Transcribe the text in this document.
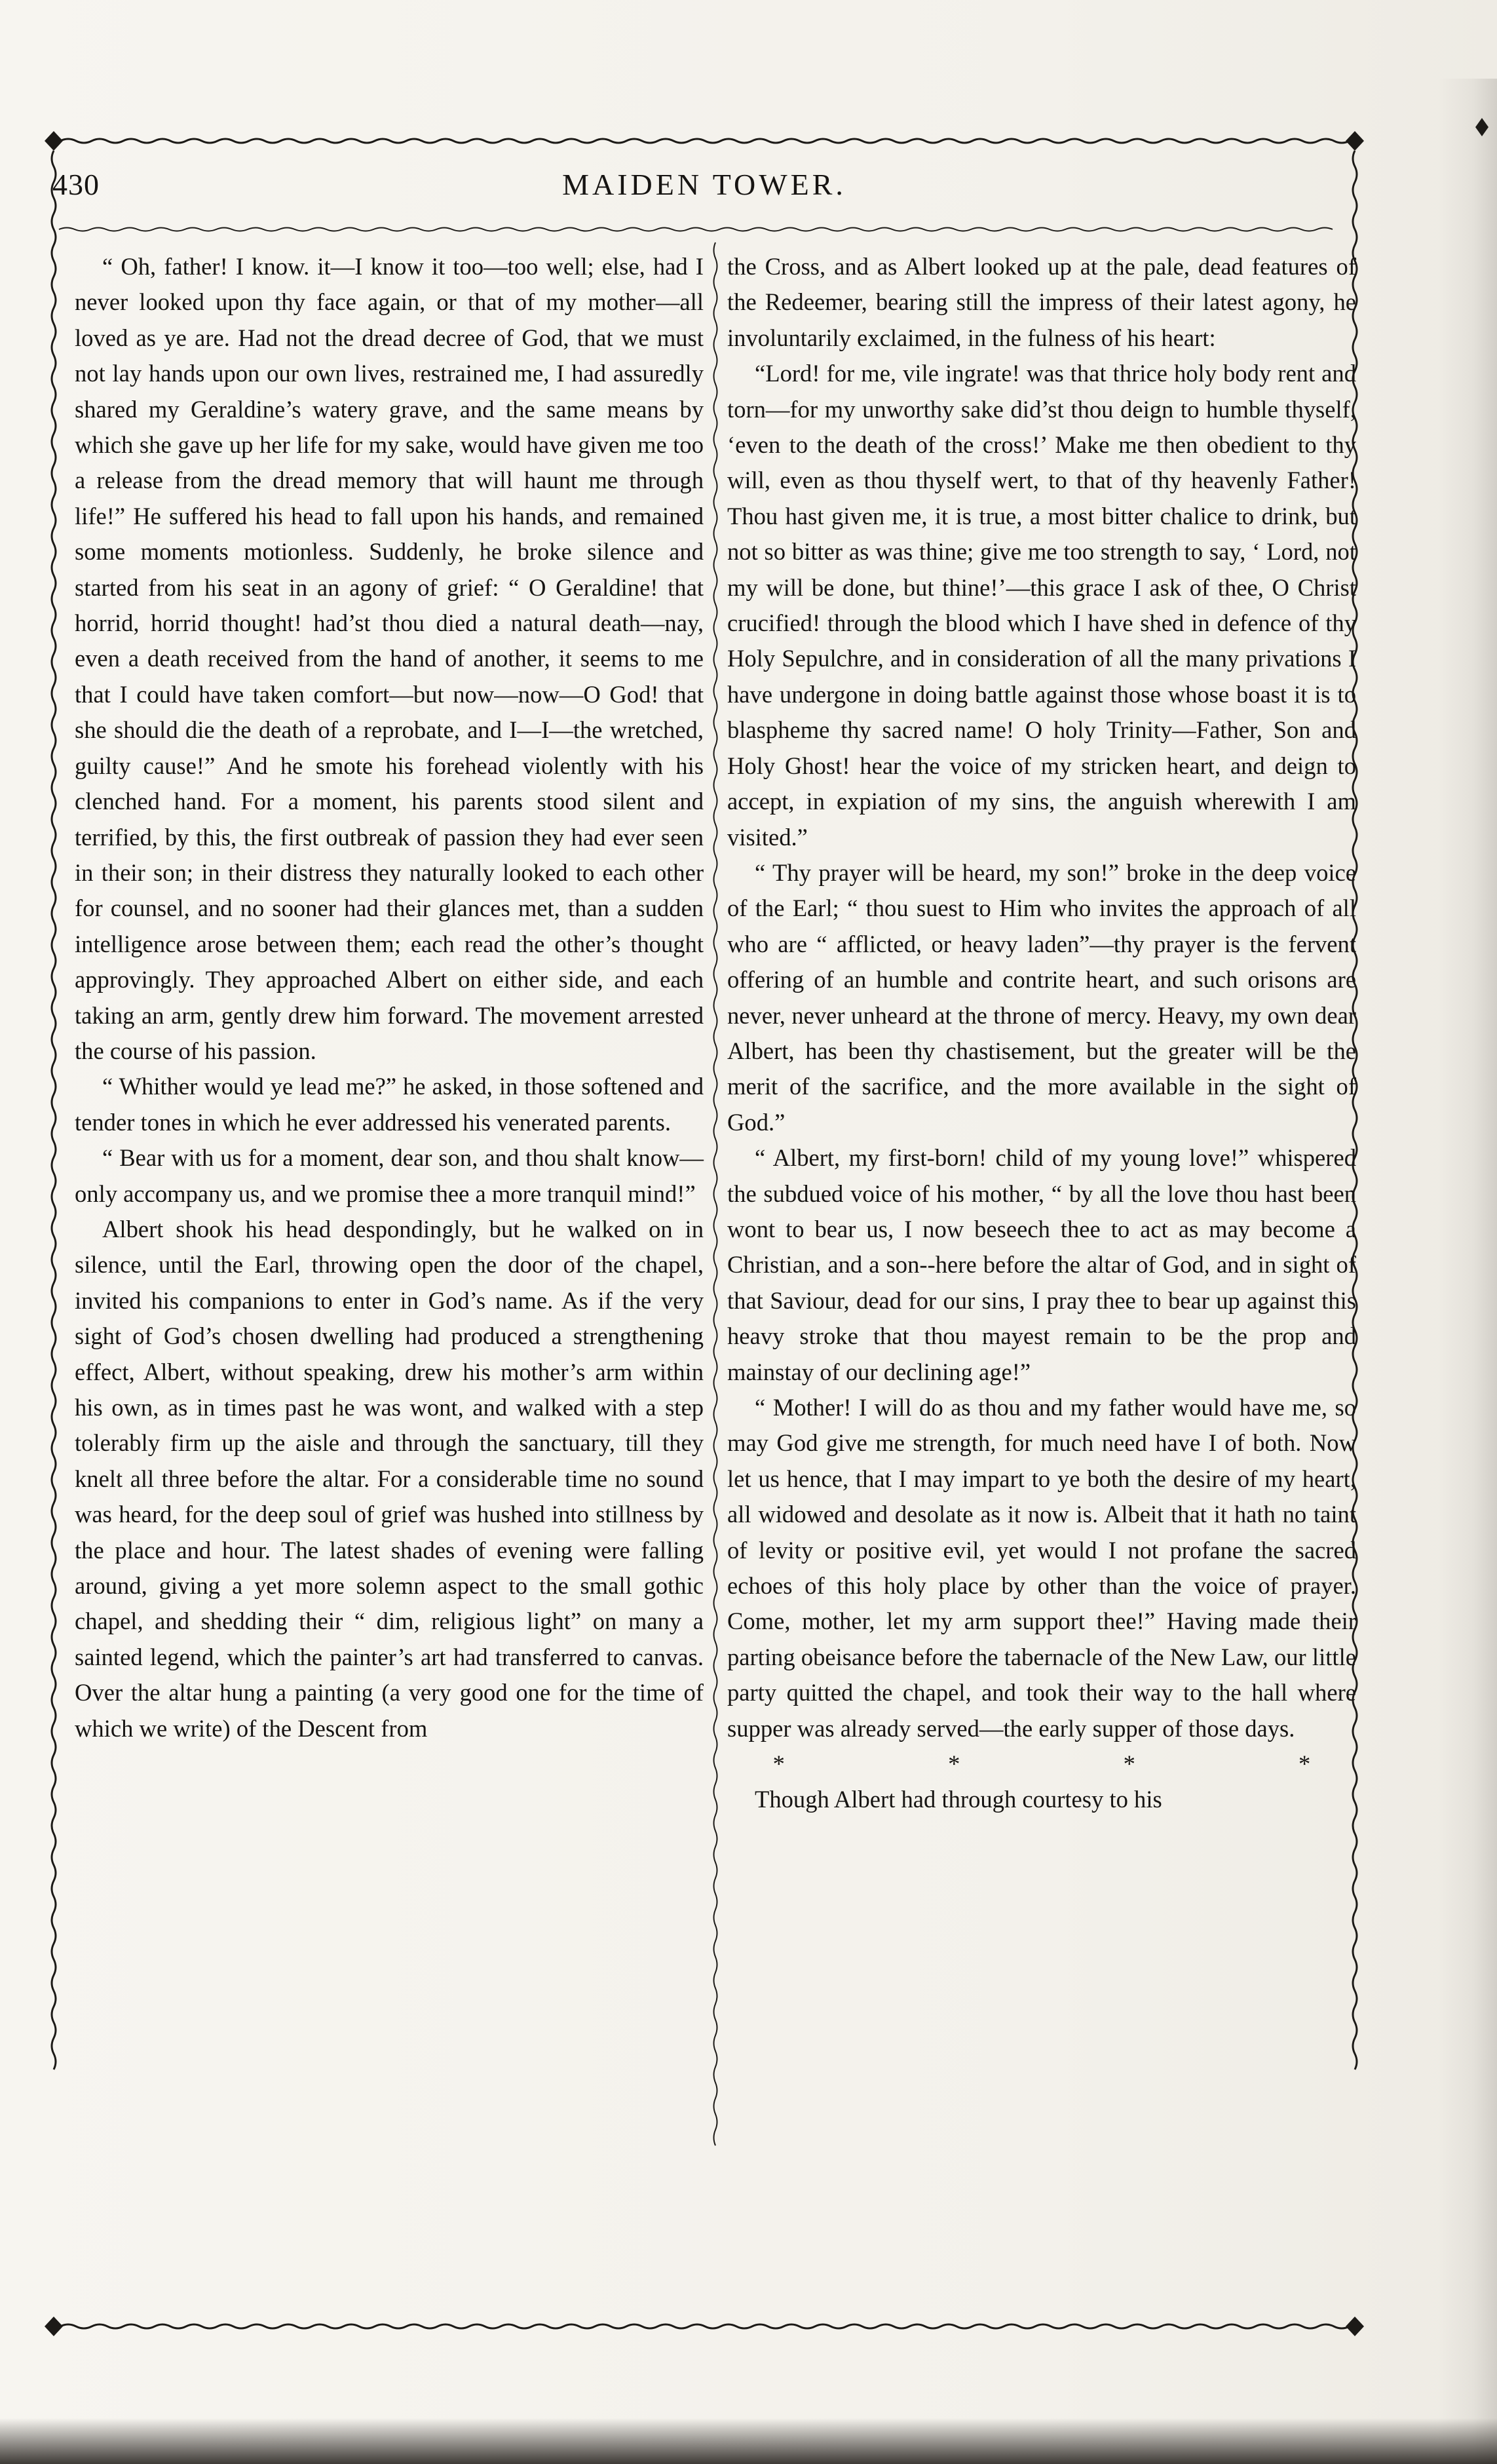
430	MAIDEN TOWER.

“ Oh, father! I know. it—I know it too—too well; else, had I never looked upon thy face again, or that of my mother—all loved as ye are. Had not the dread decree of God, that we must not lay hands upon our own lives, restrained me, I had assuredly shared my Geraldine’s watery grave, and the same means by which she gave up her life for my sake, would have given me too a release from the dread memory that will haunt me through life!” He suffered his head to fall upon his hands, and remained some moments motionless. Suddenly, he broke silence and started from his seat in an agony of grief: “ O Geraldine! that horrid, horrid thought! had’st thou died a natural death—nay, even a death received from the hand of another, it seems to me that I could have taken comfort—but now—now—O God! that she should die the death of a reprobate, and I—I—the wretched, guilty cause!” And he smote his forehead violently with his clenched hand. For a moment, his parents stood silent and terrified, by this, the first outbreak of passion they had ever seen in their son; in their distress they naturally looked to each other for counsel, and no sooner had their glances met, than a sudden intelligence arose between them; each read the other’s thought approvingly. They approached Albert on either side, and each taking an arm, gently drew him forward. The movement arrested the course of his passion.

“ Whither would ye lead me?” he asked, in those softened and tender tones in which he ever addressed his venerated parents.

“ Bear with us for a moment, dear son, and thou shalt know—only accompany us, and we promise thee a more tranquil mind!”

Albert shook his head despondingly, but he walked on in silence, until the Earl, throwing open the door of the chapel, invited his companions to enter in God’s name. As if the very sight of God’s chosen dwelling had produced a strengthening effect, Albert, without speaking, drew his mother’s arm within his own, as in times past he was wont, and walked with a step tolerably firm up the aisle and through the sanctuary, till they knelt all three before the altar. For a considerable time no sound was heard, for the deep soul of grief was hushed into stillness by the place and hour. The latest shades of evening were falling around, giving a yet more solemn aspect to the small gothic chapel, and shedding their “ dim, religious light” on many a sainted legend, which the painter’s art had transferred to canvas. Over the altar hung a painting (a very good one for the time of which we write) of the Descent from

the Cross, and as Albert looked up at the pale, dead features of the Redeemer, bearing still the impress of their latest agony, he involuntarily exclaimed, in the fulness of his heart:

“Lord! for me, vile ingrate! was that thrice holy body rent and torn—for my unworthy sake did’st thou deign to humble thyself, ‘even to the death of the cross!’ Make me then obedient to thy will, even as thou thyself wert, to that of thy heavenly Father! Thou hast given me, it is true, a most bitter chalice to drink, but not so bitter as was thine; give me too strength to say, ‘ Lord, not my will be done, but thine!’—this grace I ask of thee, O Christ crucified! through the blood which I have shed in defence of thy Holy Sepulchre, and in consideration of all the many privations I have undergone in doing battle against those whose boast it is to blaspheme thy sacred name! O holy Trinity—Father, Son and Holy Ghost! hear the voice of my stricken heart, and deign to accept, in expiation of my sins, the anguish wherewith I am visited.”

“ Thy prayer will be heard, my son!” broke in the deep voice of the Earl; “ thou suest to Him who invites the approach of all who are “ afflicted, or heavy laden”—thy prayer is the fervent offering of an humble and contrite heart, and such orisons are never, never unheard at the throne of mercy. Heavy, my own dear Albert, has been thy chastisement, but the greater will be the merit of the sacrifice, and the more available in the sight of God.”

“ Albert, my first-born! child of my young love!” whispered the subdued voice of his mother, “ by all the love thou hast been wont to bear us, I now beseech thee to act as may become a Christian, and a son--here before the altar of God, and in sight of that Saviour, dead for our sins, I pray thee to bear up against this heavy stroke that thou mayest remain to be the prop and mainstay of our declining age!”

“ Mother! I will do as thou and my father would have me, so may God give me strength, for much need have I of both. Now let us hence, that I may impart to ye both the desire of my heart, all widowed and desolate as it now is. Albeit that it hath no taint of levity or positive evil, yet would I not profane the sacred echoes of this holy place by other than the voice of prayer. Come, mother, let my arm support thee!” Having made their parting obeisance before the tabernacle of the New Law, our little party quitted the chapel, and took their way to the hall where supper was already served—the early supper of those days.

*	*	*	*

Though Albert had through courtesy to his
